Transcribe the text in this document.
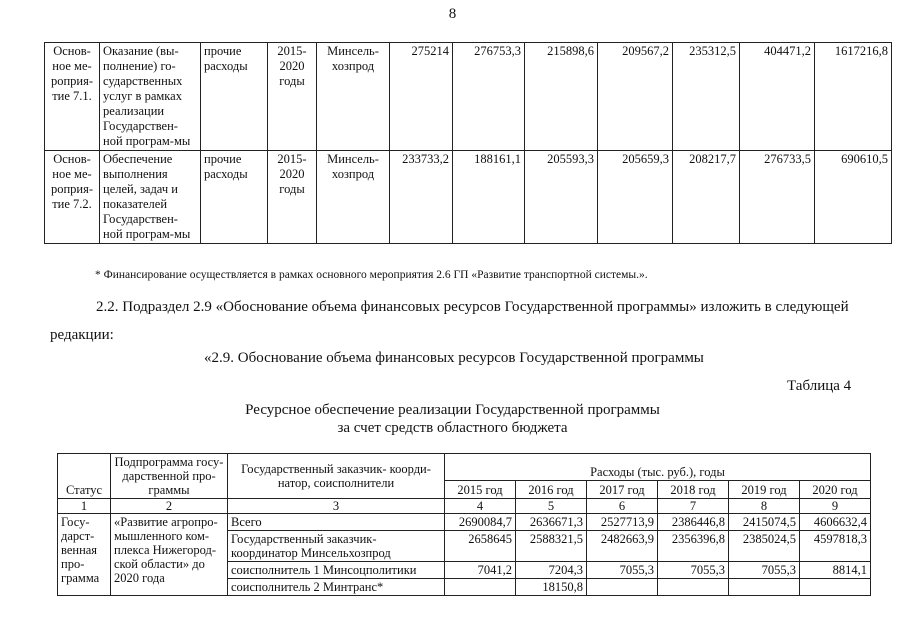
8
Основ-ное ме-роприя-тие 7.1.	Оказание (вы-полнение) го-сударственных услуг в рамках реализации Государствен-ной програм-мы	прочие расходы	2015-2020 годы	Минсель-хозпрод	275214	276753,3	215898,6	209567,2	235312,5	404471,2	1617216,8
Основ-ное ме-роприя-тие 7.2.	Обеспечение выполнения целей, задач и показателей Государствен-ной програм-мы	прочие расходы	2015-2020 годы	Минсель-хозпрод	233733,2	188161,1	205593,3	205659,3	208217,7	276733,5	690610,5
* Финансирование осуществляется в рамках основного мероприятия 2.6 ГП «Развитие транспортной системы.».
2.2. Подраздел 2.9 «Обоснование объема финансовых ресурсов Государственной программы» изложить в следующей
редакции:
«2.9. Обоснование объема финансовых ресурсов Государственной программы
Таблица 4
Ресурсное обеспечение реализации Государственной программы
за счет средств областного бюджета
Статус	Подпрограмма госу-дарственной про-граммы	Государственный заказчик- коорди-натор, соисполнители	Расходы (тыс. руб.), годы					
			2015 год	2016 год	2017 год	2018 год	2019 год	2020 год
1	2	3	4	5	6	7	8	9
Госу-дарст-венная про-грамма	«Развитие агропро-мышленного ком-плекса Нижегород-ской области» до 2020 года	Всего	2690084,7	2636671,3	2527713,9	2386446,8	2415074,5	4606632,4
		Государственный заказчик-координатор Минсельхозпрод	2658645	2588321,5	2482663,9	2356396,8	2385024,5	4597818,3
		соисполнитель 1 Минсоцполитики	7041,2	7204,3	7055,3	7055,3	7055,3	8814,1
		соисполнитель 2 Минтранс*		18150,8				
